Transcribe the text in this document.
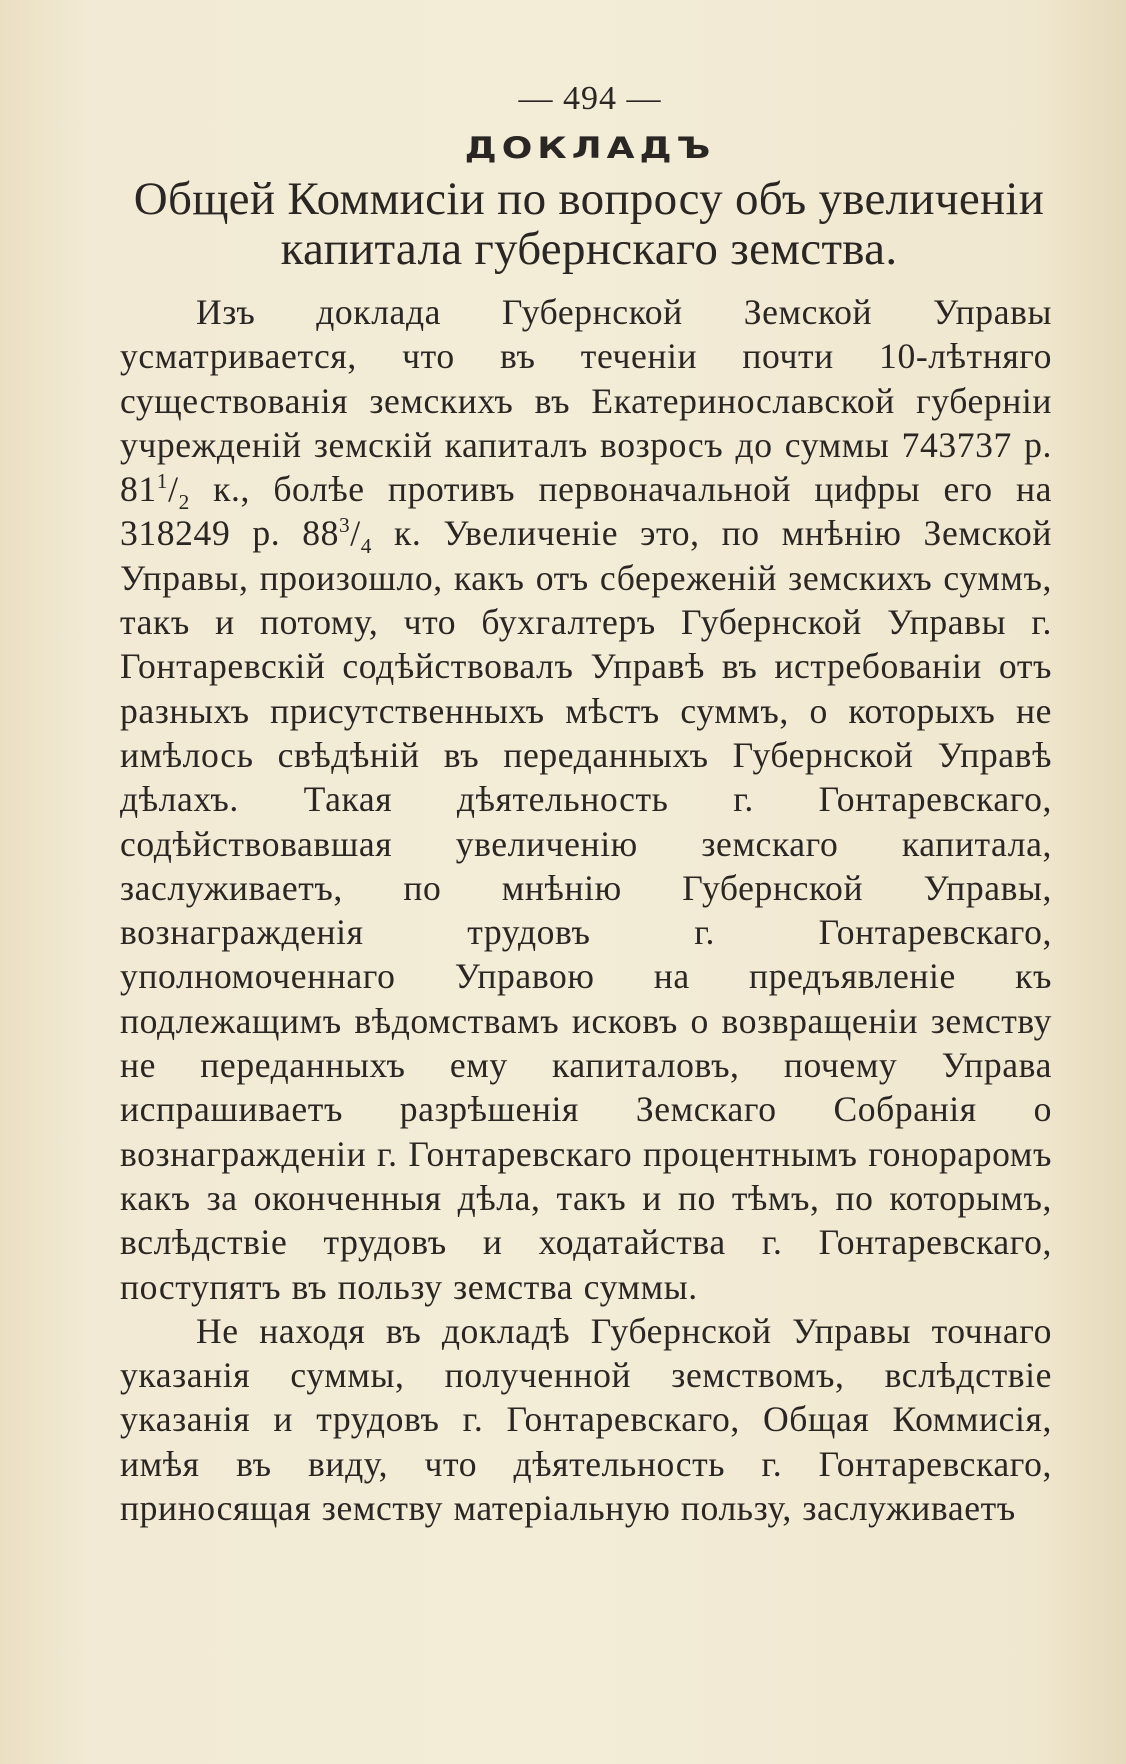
— 494 —
ДОКЛАДЪ
Общей Коммисіи по вопросу объ увеличеніи капитала губернскаго земства.

Изъ доклада Губернской Земской Управы усматривается, что въ теченіи почти 10-лѣтняго существованія земскихъ въ Екатеринославской губерніи учрежденій земскій капиталъ возросъ до суммы 743737 р. $81^1/_2$ к., болѣе противъ первоначальной цифры его на 318249 р. $88^3/_4$ к. Увеличеніе это, по мнѣнію Земской Управы, произошло, какъ отъ сбереженій земскихъ суммъ, такъ и потому, что бухгалтеръ Губернской Управы г. Гонтаревскій содѣйствовалъ Управѣ въ истребованіи отъ разныхъ присутственныхъ мѣстъ суммъ, о которыхъ не имѣлось свѣдѣній въ переданныхъ Губернской Управѣ дѣлахъ. Такая дѣятельность г. Гонтаревскаго, содѣйствовавшая увеличенію земскаго капитала, заслуживаетъ, по мнѣнію Губернской Управы, вознагражденія трудовъ г. Гонтаревскаго, уполномоченнаго Управою на предъявленіе къ подлежащимъ вѣдомствамъ исковъ о возвращеніи земству не переданныхъ ему капиталовъ, почему Управа испрашиваетъ разрѣшенія Земскаго Собранія о вознагражденіи г. Гонтаревскаго процентнымъ гонораромъ какъ за оконченныя дѣла, такъ и по тѣмъ, по которымъ, вслѣдствіе трудовъ и ходатайства г. Гонтаревскаго, поступятъ въ пользу земства суммы.

Не находя въ докладѣ Губернской Управы точнаго указанія суммы, полученной земствомъ, вслѣдствіе указанія и трудовъ г. Гонтаревскаго, Общая Коммисія, имѣя въ виду, что дѣятельность г. Гонтаревскаго, приносящая земству матеріальную пользу, заслуживаетъ
